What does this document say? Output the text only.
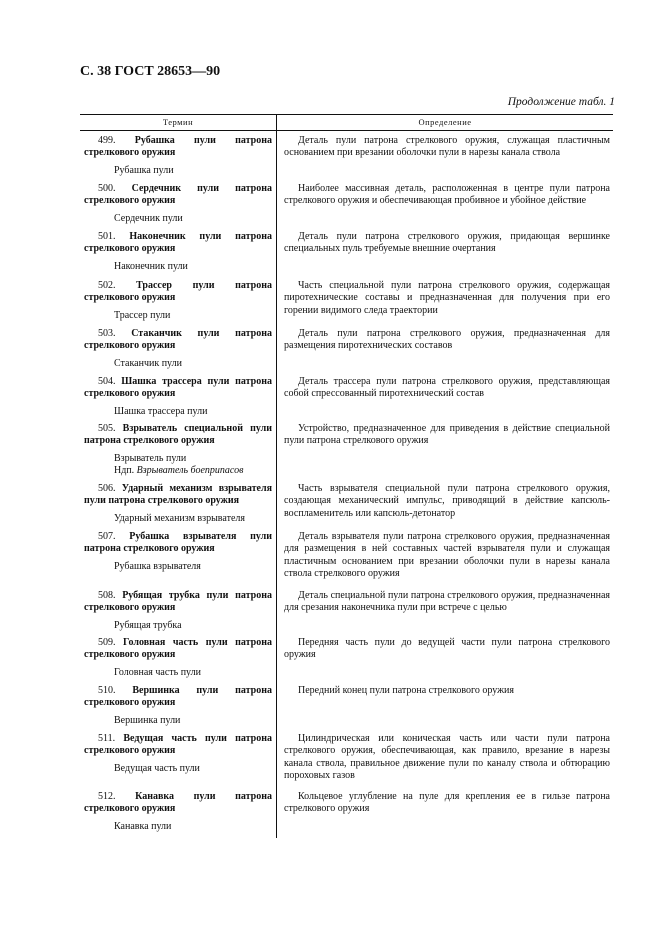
С. 38 ГОСТ 28653—90
Продолжение табл. 1
Термин	Определение

499. Рубашка пули патрона стрелкового оружия

Рубашка пули

Деталь пули патрона стрелкового оружия, служащая пластичным основанием при врезании оболочки пули в нарезы канала ствола

500. Сердечник пули патрона стрелкового оружия

Сердечник пули

Наиболее массивная деталь, расположенная в центре пули патрона стрелкового оружия и обеспечивающая пробивное и убойное действие

501. Наконечник пули патрона стрелкового оружия

Наконечник пули

Деталь пули патрона стрелкового оружия, придающая вершинке специальных пуль требуемые внешние очертания

502. Трассер пули патрона стрелкового оружия

Трассер пули

Часть специальной пули патрона стрелкового оружия, содержащая пиротехнические составы и предназначенная для получения при его горении видимого следа траектории

503. Стаканчик пули патрона стрелкового оружия

Стаканчик пули

Деталь пули патрона стрелкового оружия, предназначенная для размещения пиротехнических составов

504. Шашка трассера пули патрона стрелкового оружия

Шашка трассера пули

Деталь трассера пули патрона стрелкового оружия, представляющая собой спрессованный пиротехнический состав

505. Взрыватель специальной пули патрона стрелкового оружия

Взрыватель пули

Ндп. Взрыватель боеприпасов

Устройство, предназначенное для приведения в действие специальной пули патрона стрелкового оружия

506. Ударный механизм взрывателя пули патрона стрелкового оружия

Ударный механизм взрывателя

Часть взрывателя специальной пули патрона стрелкового оружия, создающая механический импульс, приводящий в действие капсюль-воспламенитель или капсюль-детонатор

507. Рубашка взрывателя пули патрона стрелкового оружия

Рубашка взрывателя

Деталь взрывателя пули патрона стрелкового оружия, предназначенная для размещения в ней составных частей взрывателя пули и служащая пластичным основанием при врезании оболочки пули в нарезы канала ствола стрелкового оружия

508. Рубящая трубка пули патрона стрелкового оружия

Рубящая трубка

Деталь специальной пули патрона стрелкового оружия, предназначенная для срезания наконечника пули при встрече с целью

509. Головная часть пули патрона стрелкового оружия

Головная часть пули

Передняя часть пули до ведущей части пули патрона стрелкового оружия

510. Вершинка пули патрона стрелкового оружия

Вершинка пули

Передний конец пули патрона стрелкового оружия

511. Ведущая часть пули патрона стрелкового оружия

Ведущая часть пули

Цилиндрическая или коническая часть или части пули патрона стрелкового оружия, обеспечивающая, как правило, врезание в нарезы канала ствола, правильное движение пули по каналу ствола и обтюрацию пороховых газов

512. Канавка пули патрона стрелкового оружия

Канавка пули

Кольцевое углубление на пуле для крепления ее в гильзе патрона стрелкового оружия
